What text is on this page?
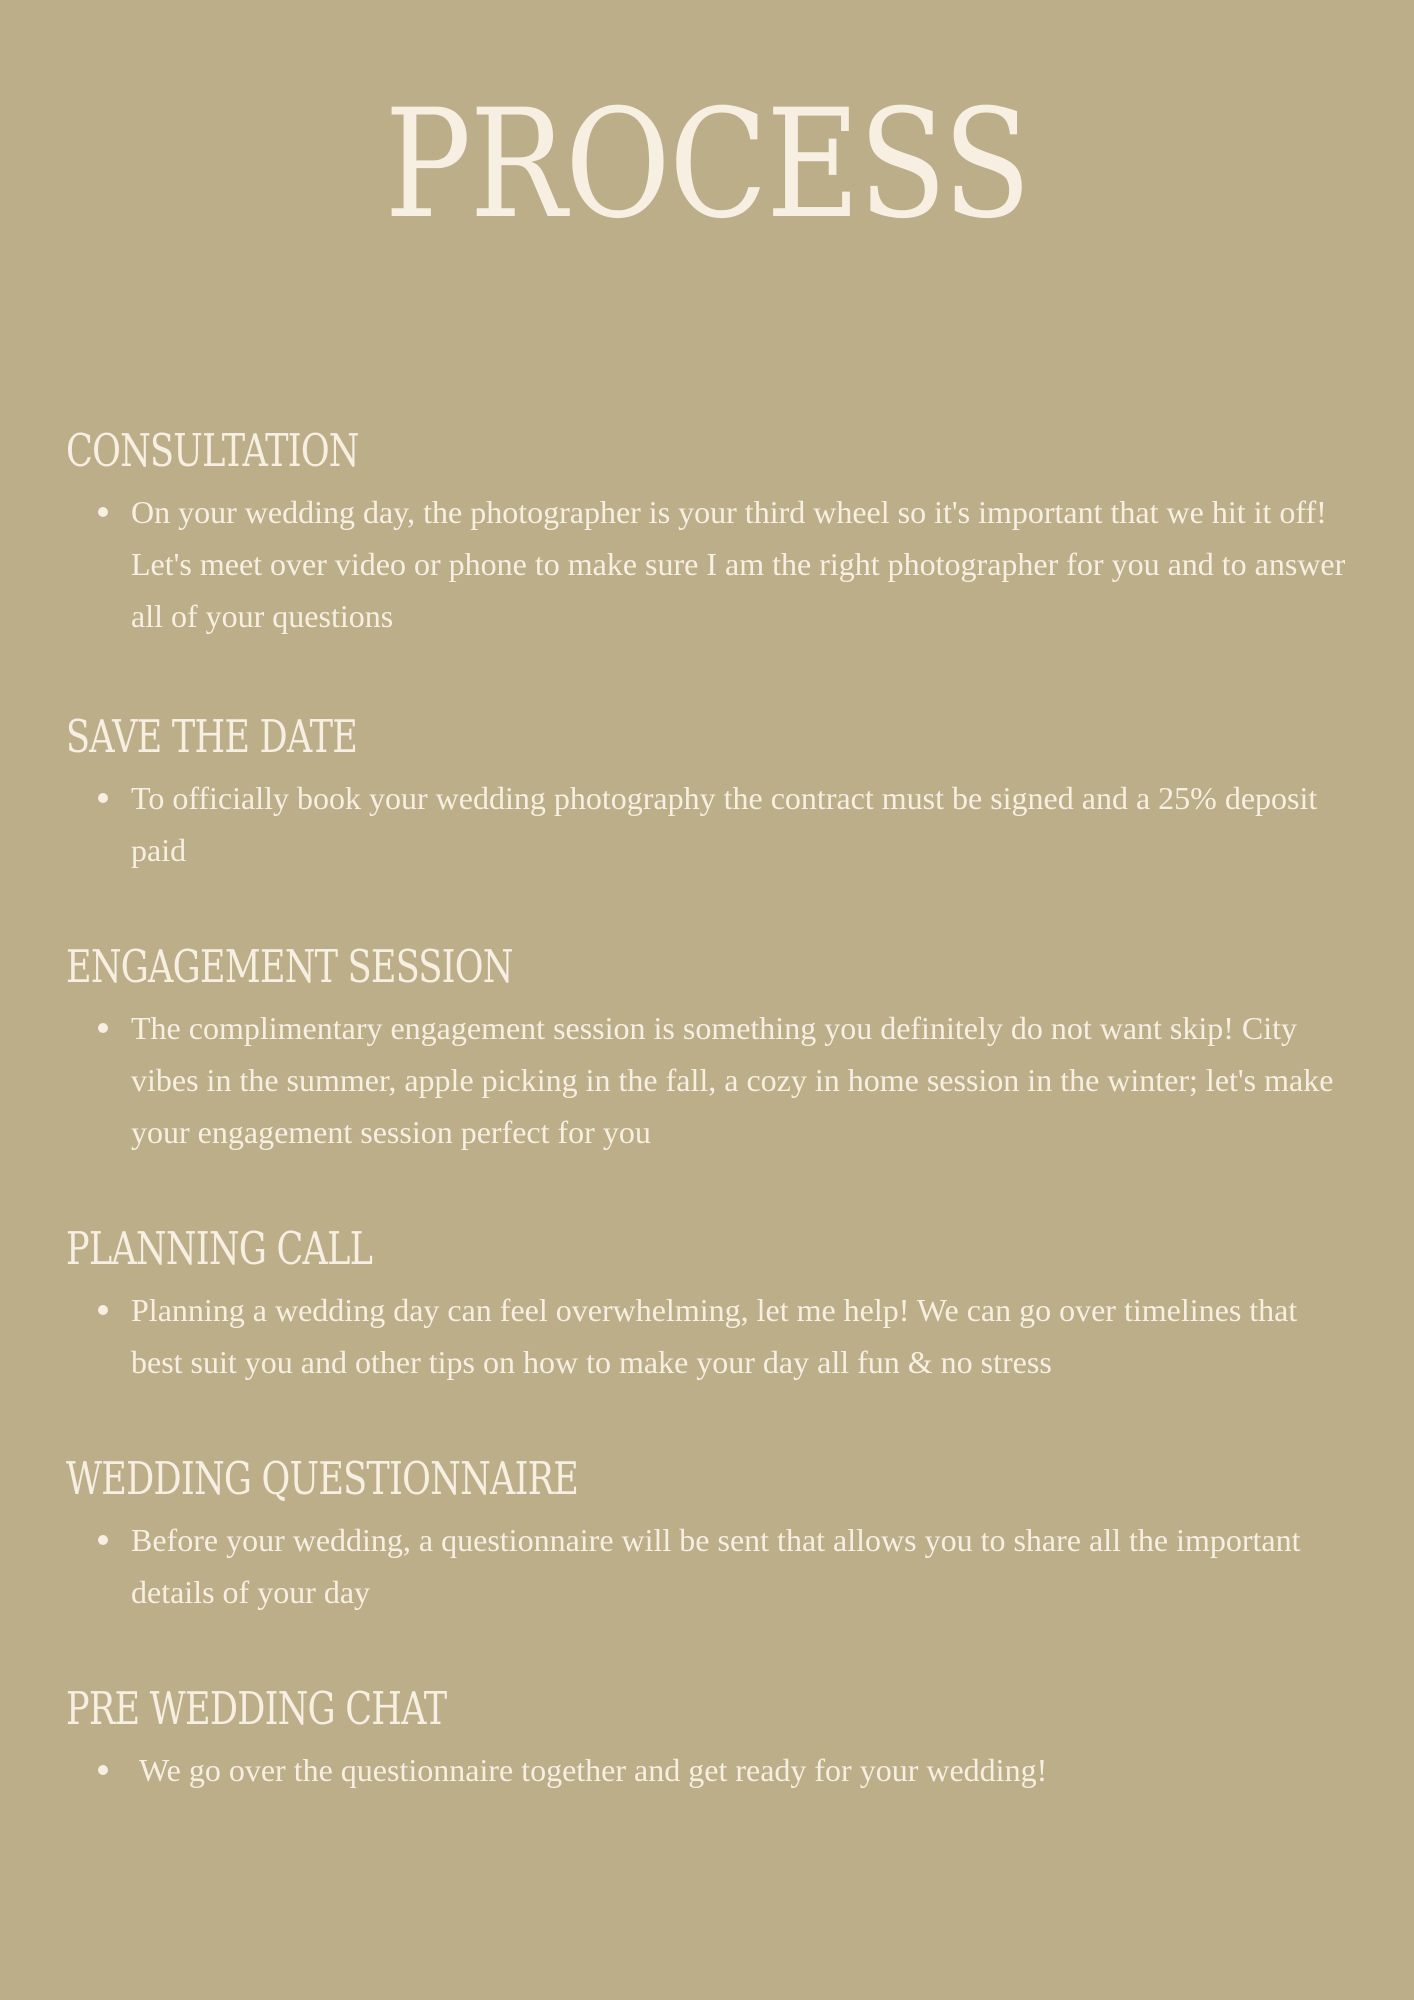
PROCESS
CONSULTATION
On your wedding day, the photographer is your third wheel so it's important that we hit it off! Let's meet over video or phone to make sure I am the right photographer for you and to answer all of your questions
SAVE THE DATE
To officially book your wedding photography the contract must be signed and a 25% deposit paid
ENGAGEMENT SESSION
The complimentary engagement session is something you definitely do not want skip! City vibes in the summer, apple picking in the fall, a cozy in home session in the winter; let's make your engagement session perfect for you
PLANNING CALL
Planning a wedding day can feel overwhelming, let me help! We can go over timelines that best suit you and other tips on how to make your day all fun & no stress
WEDDING QUESTIONNAIRE
Before your wedding, a questionnaire will be sent that allows you to share all the important details of your day
PRE WEDDING CHAT
We go over the questionnaire together and get ready for your wedding!
